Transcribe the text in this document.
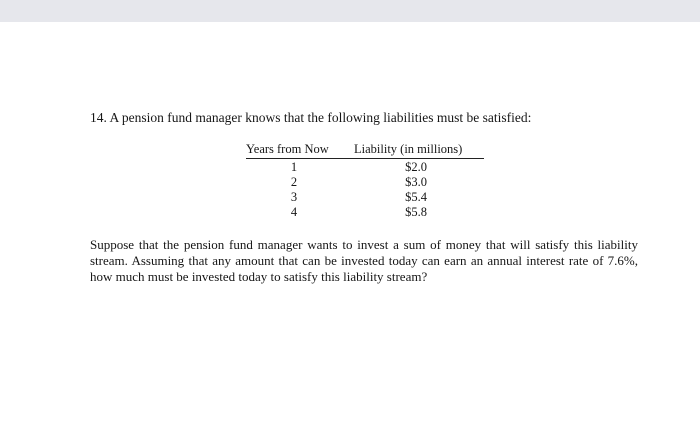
14. A pension fund manager knows that the following liabilities must be satisfied:
Years from Now	Liability (in millions)
1	$2.0
2	$3.0
3	$5.4
4	$5.8
Suppose that the pension fund manager wants to invest a sum of money that will satisfy this liability stream. Assuming that any amount that can be invested today can earn an annual interest rate of 7.6%, how much must be invested today to satisfy this liability stream?
